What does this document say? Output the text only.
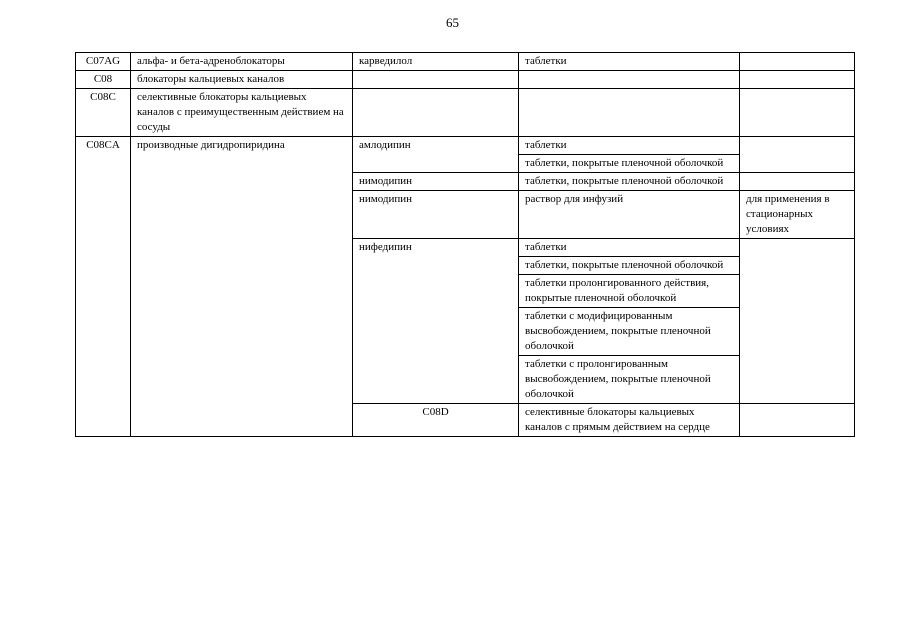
65
C07AG	альфа- и бета-адреноблокаторы	карведилол	таблетки		
C08	блокаторы кальциевых каналов				
C08C	селективные блокаторы кальциевых каналов с преимущественным действием на сосуды				
C08CA	производные дигидропиридина	амлодипин	таблетки		
			таблетки, покрытые пленочной оболочкой		
		нимодипин	таблетки, покрытые пленочной оболочкой		
		нимодипин	раствор для инфузий	для применения в стационарных условиях	
		нифедипин	таблетки		
			таблетки, покрытые пленочной оболочкой		
			таблетки пролонгированного действия, покрытые пленочной оболочкой		
			таблетки с модифицированным высвобождением, покрытые пленочной оболочкой		
			таблетки с пролонгированным высвобождением, покрытые пленочной оболочкой		
		C08D	селективные блокаторы кальциевых каналов с прямым действием на сердце			
